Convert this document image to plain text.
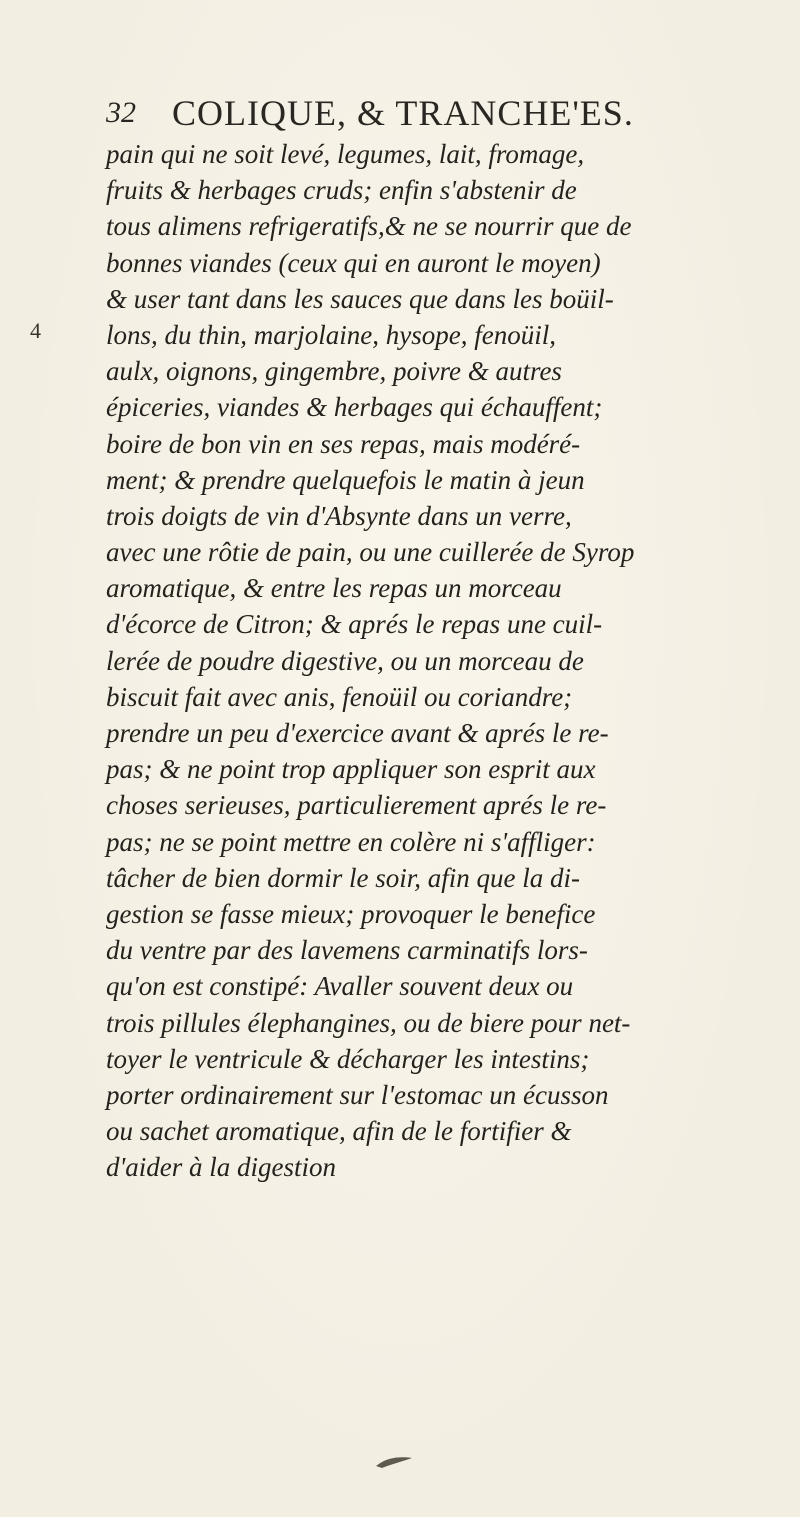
32 COLIQUE, & TRANCHE'ES.
4
pain qui ne soit levé, legumes, lait, fromage,
fruits & herbages cruds; enfin s'abstenir de
tous alimens refrigeratifs,& ne se nourrir que de
bonnes viandes (ceux qui en auront le moyen)
& user tant dans les sauces que dans les boüil-
lons, du thin, marjolaine, hysope, fenoüil,
aulx, oignons, gingembre, poivre & autres
épiceries, viandes & herbages qui échauffent;
boire de bon vin en ses repas, mais modéré-
ment; & prendre quelquefois le matin à jeun
trois doigts de vin d'Absynte dans un verre,
avec une rôtie de pain, ou une cuillerée de Syrop
aromatique, & entre les repas un morceau
d'écorce de Citron; & aprés le repas une cuil-
lerée de poudre digestive, ou un morceau de
biscuit fait avec anis, fenoüil ou coriandre;
prendre un peu d'exercice avant & aprés le re-
pas; & ne point trop appliquer son esprit aux
choses serieuses, particulierement aprés le re-
pas; ne se point mettre en colère ni s'affliger:
tâcher de bien dormir le soir, afin que la di-
gestion se fasse mieux; provoquer le benefice
du ventre par des lavemens carminatifs lors-
qu'on est constipé: Avaller souvent deux ou
trois pillules élephangines, ou de biere pour net-
toyer le ventricule & décharger les intestins;
porter ordinairement sur l'estomac un écusson
ou sachet aromatique, afin de le fortifier &
d'aider à la digestion
